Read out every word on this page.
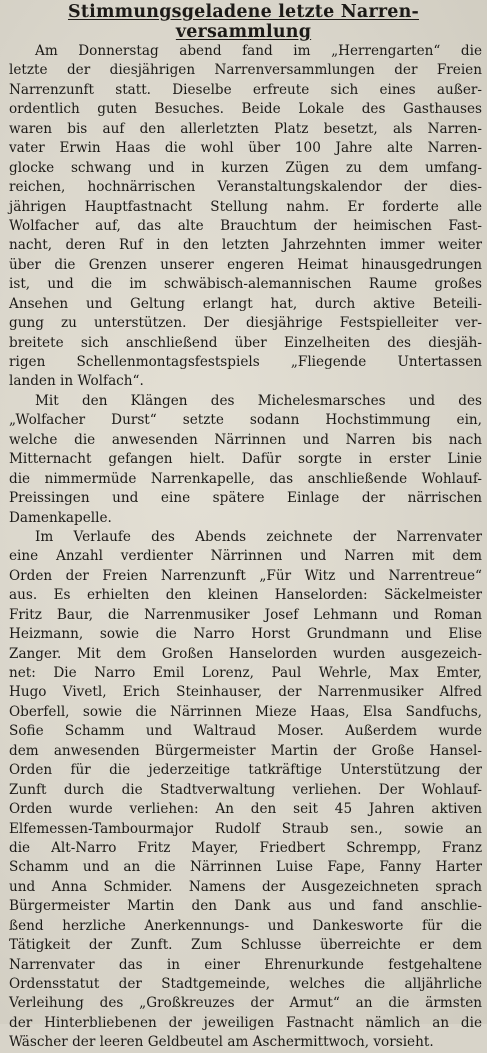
Stimmungsgeladene letzte Narren-
versammlung
Am Donnerstag abend fand im „Herrengarten“ die
letzte der diesjährigen Narrenversammlungen der Freien
Narrenzunft statt. Dieselbe erfreute sich eines außer-
ordentlich guten Besuches. Beide Lokale des Gasthauses
waren bis auf den allerletzten Platz besetzt, als Narren-
vater Erwin Haas die wohl über 100 Jahre alte Narren-
glocke schwang und in kurzen Zügen zu dem umfang-
reichen, hochnärrischen Veranstaltungskalendor der dies-
jährigen Hauptfastnacht Stellung nahm. Er forderte alle
Wolfacher auf, das alte Brauchtum der heimischen Fast-
nacht, deren Ruf in den letzten Jahrzehnten immer weiter
über die Grenzen unserer engeren Heimat hinausgedrungen
ist, und die im schwäbisch-alemannischen Raume großes
Ansehen und Geltung erlangt hat, durch aktive Beteili-
gung zu unterstützen. Der diesjährige Festspielleiter ver-
breitete sich anschließend über Einzelheiten des diesjäh-
rigen Schellenmontagsfestspiels „Fliegende Untertassen
landen in Wolfach“.
Mit den Klängen des Michelesmarsches und des
„Wolfacher Durst“ setzte sodann Hochstimmung ein,
welche die anwesenden Närrinnen und Narren bis nach
Mitternacht gefangen hielt. Dafür sorgte in erster Linie
die nimmermüde Narrenkapelle, das anschließende Wohlauf-
Preissingen und eine spätere Einlage der närrischen
Damenkapelle.
Im Verlaufe des Abends zeichnete der Narrenvater
eine Anzahl verdienter Närrinnen und Narren mit dem
Orden der Freien Narrenzunft „Für Witz und Narrentreue“
aus. Es erhielten den kleinen Hanselorden: Säckelmeister
Fritz Baur, die Narrenmusiker Josef Lehmann und Roman
Heizmann, sowie die Narro Horst Grundmann und Elise
Zanger. Mit dem Großen Hanselorden wurden ausgezeich-
net: Die Narro Emil Lorenz, Paul Wehrle, Max Emter,
Hugo Vivetl, Erich Steinhauser, der Narrenmusiker Alfred
Oberfell, sowie die Närrinnen Mieze Haas, Elsa Sandfuchs,
Sofie Schamm und Waltraud Moser. Außerdem wurde
dem anwesenden Bürgermeister Martin der Große Hansel-
Orden für die jederzeitige tatkräftige Unterstützung der
Zunft durch die Stadtverwaltung verliehen. Der Wohlauf-
Orden wurde verliehen: An den seit 45 Jahren aktiven
Elfemessen-Tambourmajor Rudolf Straub sen., sowie an
die Alt-Narro Fritz Mayer, Friedbert Schrempp, Franz
Schamm und an die Närrinnen Luise Fape, Fanny Harter
und Anna Schmider. Namens der Ausgezeichneten sprach
Bürgermeister Martin den Dank aus und fand anschlie-
ßend herzliche Anerkennungs- und Dankesworte für die
Tätigkeit der Zunft. Zum Schlusse überreichte er dem
Narrenvater das in einer Ehrenurkunde festgehaltene
Ordensstatut der Stadtgemeinde, welches die alljährliche
Verleihung des „Großkreuzes der Armut“ an die ärmsten
der Hinterbliebenen der jeweiligen Fastnacht nämlich an die
Wäscher der leeren Geldbeutel am Aschermittwoch, vorsieht.
